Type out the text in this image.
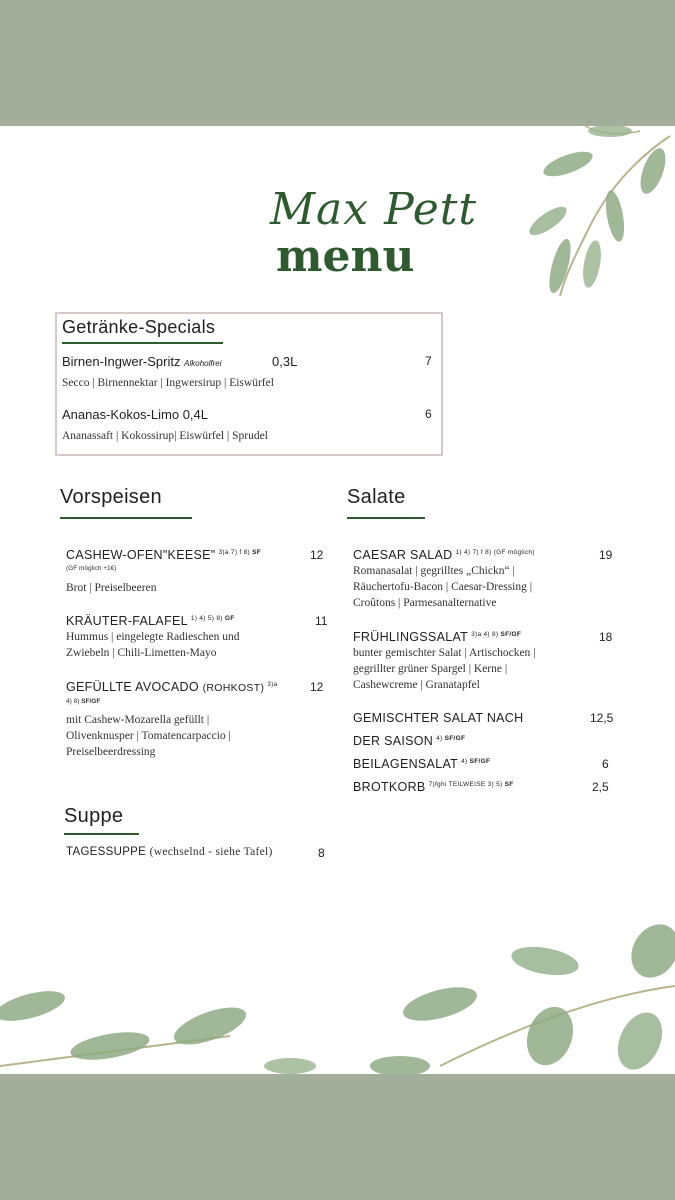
Max Pett
menu
Getränke-Specials
Birnen-Ingwer-Spritz Alkoholfrei	0,3L	7
Secco | Birnennektar | Ingwersirup | Eiswürfel
Ananas-Kokos-Limo 0,4L	6
Ananassaft | Kokossirup| Eiswürfel | Sprudel
Vorspeisen
CASHEW-OFEN"KEESE" $^{3)a 7) f 8) SF}$	12
(GF möglich +1€)
Brot | Preiselbeeren
KRÄUTER-FALAFEL $^{1) 4) 5) 8) GF}$	11
Hummus | eingelegte Radieschen und
Zwiebeln | Chili-Limetten-Mayo
GEFÜLLTE AVOCADO (ROHKOST) $^{3)a}$	12
4) 8) SF/GF
mit Cashew-Mozarella gefüllt |
Olivenknusper | Tomatencarpaccio |
Preiselbeerdressing
Suppe
TAGESSUPPE (wechselnd - siehe Tafel)	8
Salate
CAESAR SALAD $^{1) 4) 7) f 8) (GF möglich)}$	19
Romanasalat | gegrilltes „Chickn“ |
Räuchertofu-Bacon | Caesar-Dressing |
Croûtons | Parmesanalternative
FRÜHLINGSSALAT $^{3)a 4) 8) SF/GF}$	18
bunter gemischter Salat | Artischocken |
gegrillter grüner Spargel | Kerne |
Cashewcreme | Granatapfel
GEMISCHTER SALAT NACH	12,5
DER SAISON $^{4) SF/GF}$
BEILAGENSALAT $^{4) SF/GF}$	6
BROTKORB $^{7)fghi TEILWEISE 3) 5) SF}$	2,5
